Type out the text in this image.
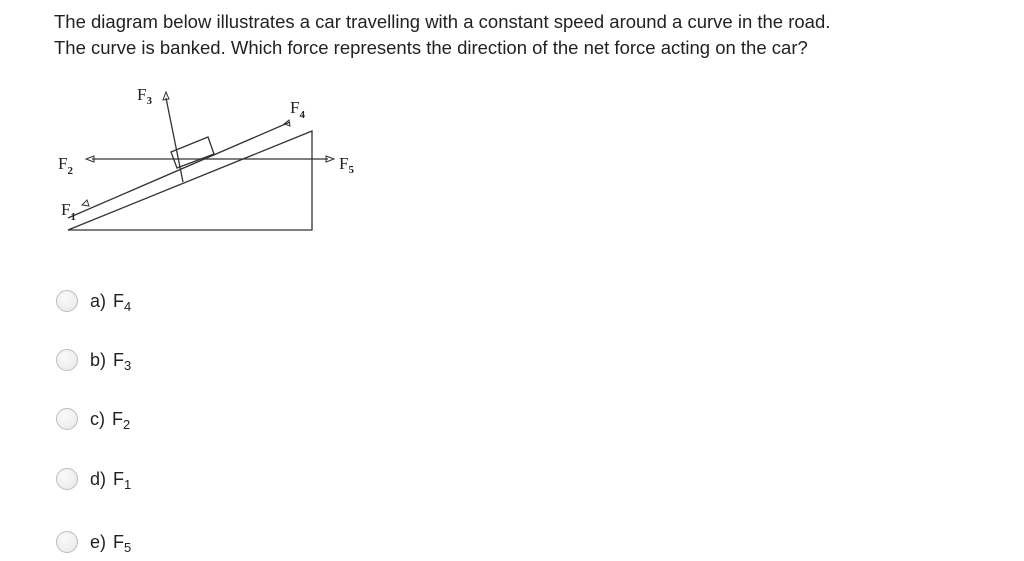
The diagram below illustrates a car travelling with a constant speed around a curve in the road.
The curve is banked. Which force represents the direction of the net force acting on the car?

$F_3$	$F_4$
$F_2$	$F_5$
$F_1$
a) F 4
b) F 3
c) F 2
d) F 1
e) F 5
